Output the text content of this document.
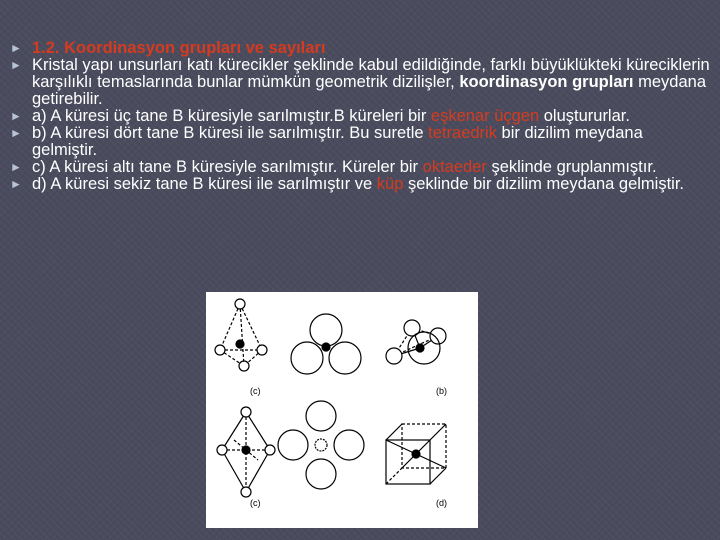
► 1.2. Koordinasyon grupları ve sayıları
► Kristal yapı unsurları katı kürecikler şeklinde kabul edildiğinde, farklı büyüklükteki küreciklerin karşılıklı temaslarında bunlar mümkün geometrik dizilişler, koordinasyon grupları meydana getirebilir.
► a) A küresi üç tane B küresiyle sarılmıştır.B küreleri bir eşkenar üçgen oluştururlar.
► b) A küresi dört tane B küresi ile sarılmıştır. Bu suretle tetraedrik bir dizilim meydana gelmiştir.
► c) A küresi altı tane B küresiyle sarılmıştır. Küreler bir oktaeder şeklinde gruplanmıştır.
► d) A küresi sekiz tane B küresi ile sarılmıştır ve küp şeklinde bir dizilim meydana gelmiştir.
(c)	(b)
(c)	(d)
